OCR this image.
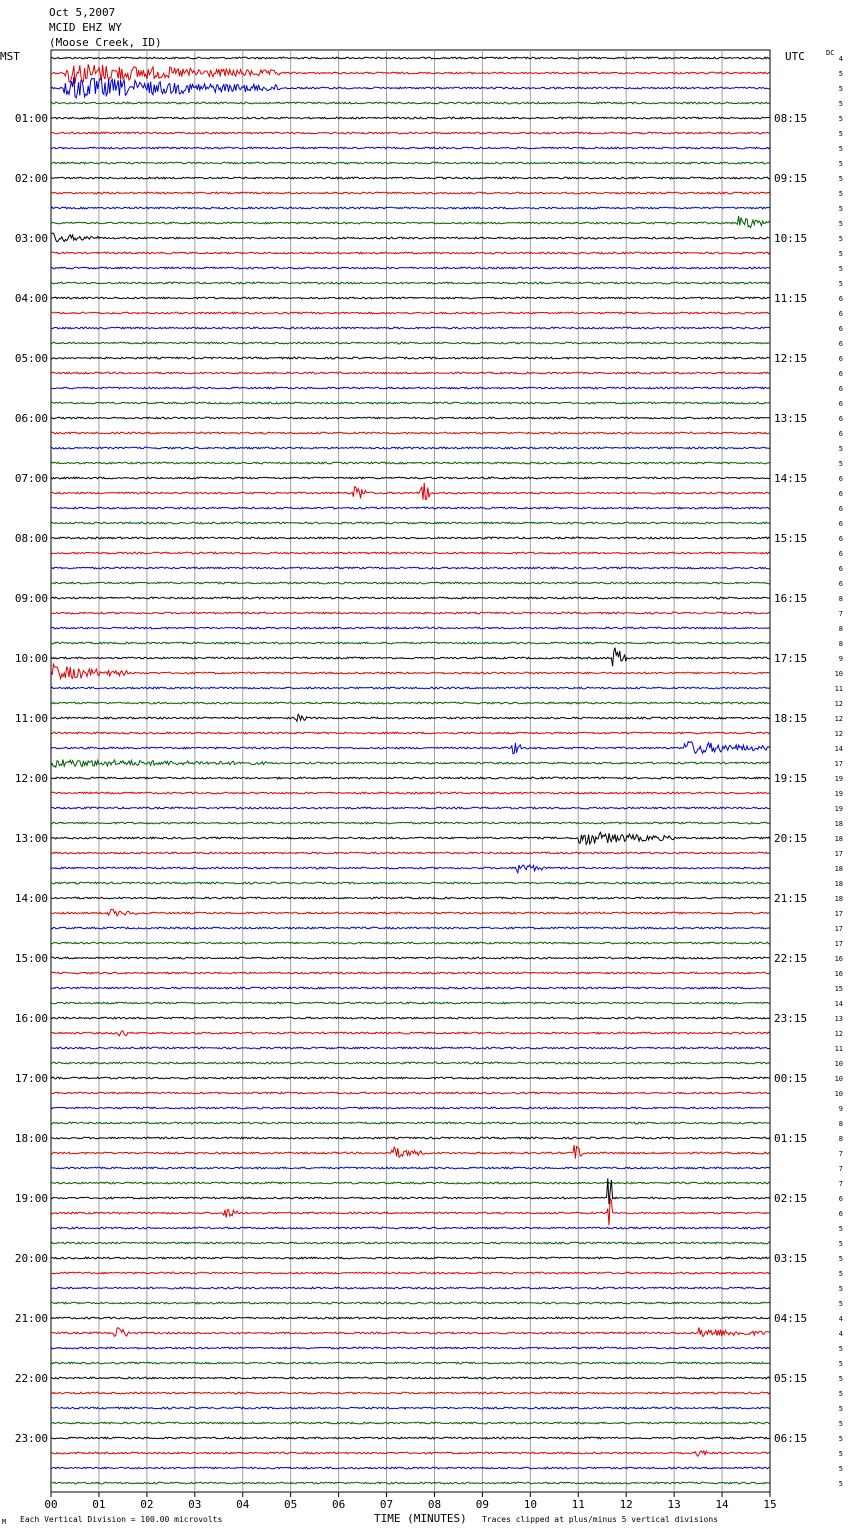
Oct 5,2007
MCID EHZ WY
(Moose Creek, ID)
MST	UTC	DC
00	01	02	03	04	05	06	07	08	09	10	11	12	13	14	15
4
5
5
5
5
5
5
5
5
5
5
5
5
5
5
5
6
6
6
6
6
6
6
6
6
6
5
5
6
6
6
6
6
6
6
6
8
7
8
8
9
10
11
12
12
12
14
17
19
19
19
18
18
17
18
18
18
17
17
17
16
16
15
14
13
12
11
10
10
10
9
8
8
7
7
7
6
6
5
5
5
5
5
5
4
4
5
5
5
5
5
5
5
5
5
5
01:00
02:00
03:00
04:00
05:00
06:00
07:00
08:00
09:00
10:00
11:00
12:00
13:00
14:00
15:00
16:00
17:00
18:00
19:00
20:00
21:00
22:00
23:00
08:15
09:15
10:15
11:15
12:15
13:15
14:15
15:15
16:15
17:15
18:15
19:15
20:15
21:15
22:15
23:15
00:15
01:15
02:15
03:15
04:15
05:15
06:15
M Each Vertical Division = 100.00 microvolts	TIME (MINUTES) Traces clipped at plus/minus 5 vertical divisions
